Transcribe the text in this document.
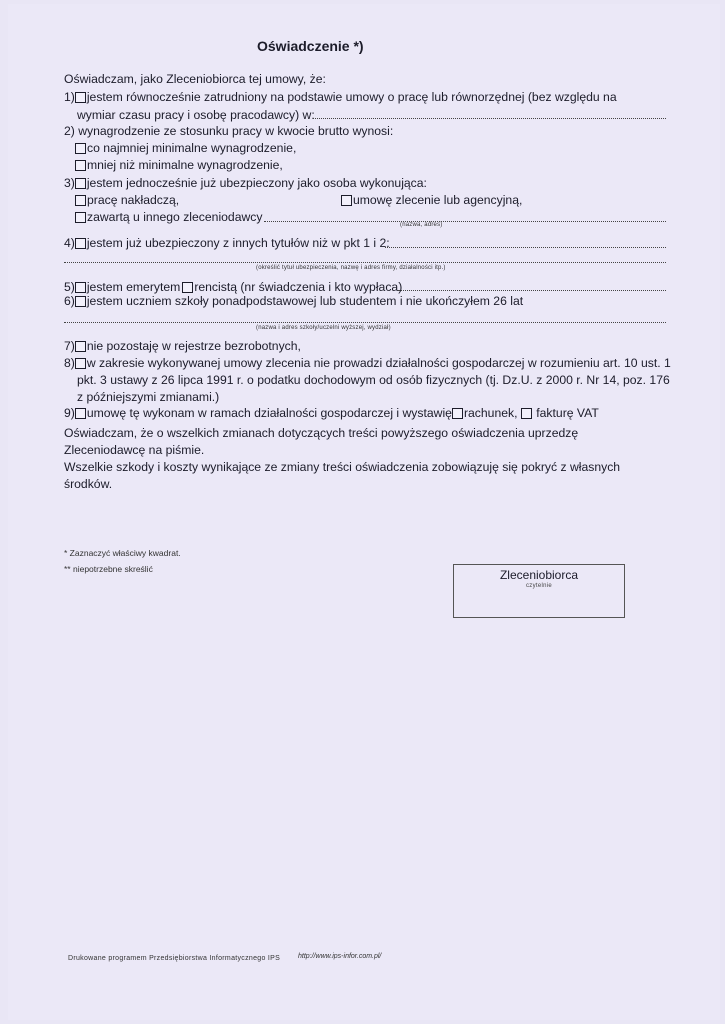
Oświadczenie *)
Oświadczam, jako Zleceniobiorca tej umowy, że:
1) jestem równocześnie zatrudniony na podstawie umowy o pracę lub równorzędnej (bez względu na
wymiar czasu pracy i osobę pracodawcy) w:
2) wynagrodzenie ze stosunku pracy w kwocie brutto wynosi:
co najmniej minimalne wynagrodzenie,
mniej niż minimalne wynagrodzenie,
3) jestem jednocześnie już ubezpieczony jako osoba wykonująca:
pracę nakładczą,	umowę zlecenie lub agencyjną,
zawartą u innego zleceniodawcy
(nazwa, adres)
4) jestem już ubezpieczony z innych tytułów niż w pkt 1 i 2:
(określić tytuł ubezpieczenia, nazwę i adres firmy, działalności itp.)
5) jestem emerytem rencistą (nr świadczenia i kto wypłaca)
6) jestem uczniem szkoły ponadpodstawowej lub studentem i nie ukończyłem 26 lat
(nazwa i adres szkoły/uczelni wyższej, wydział)
7) nie pozostaję w rejestrze bezrobotnych,
8) w zakresie wykonywanej umowy zlecenia nie prowadzi działalności gospodarczej w rozumieniu art. 10 ust. 1
pkt. 3 ustawy z 26 lipca 1991 r. o podatku dochodowym od osób fizycznych (tj. Dz.U. z 2000 r. Nr 14, poz. 176
z późniejszymi zmianami.)
9) umowę tę wykonam w ramach działalności gospodarczej i wystawię rachunek, fakturę VAT
Oświadczam, że o wszelkich zmianach dotyczących treści powyższego oświadczenia uprzedzę
Zleceniodawcę na piśmie.
Wszelkie szkody i koszty wynikające ze zmiany treści oświadczenia zobowiązuję się pokryć z własnych
środków.
* Zaznaczyć właściwy kwadrat.
** niepotrzebne skreślić	Zleceniobiorca
czytelnie
Drukowane programem Przedsiębiorstwa Informatycznego IPS	http://www.ips-infor.com.pl/
